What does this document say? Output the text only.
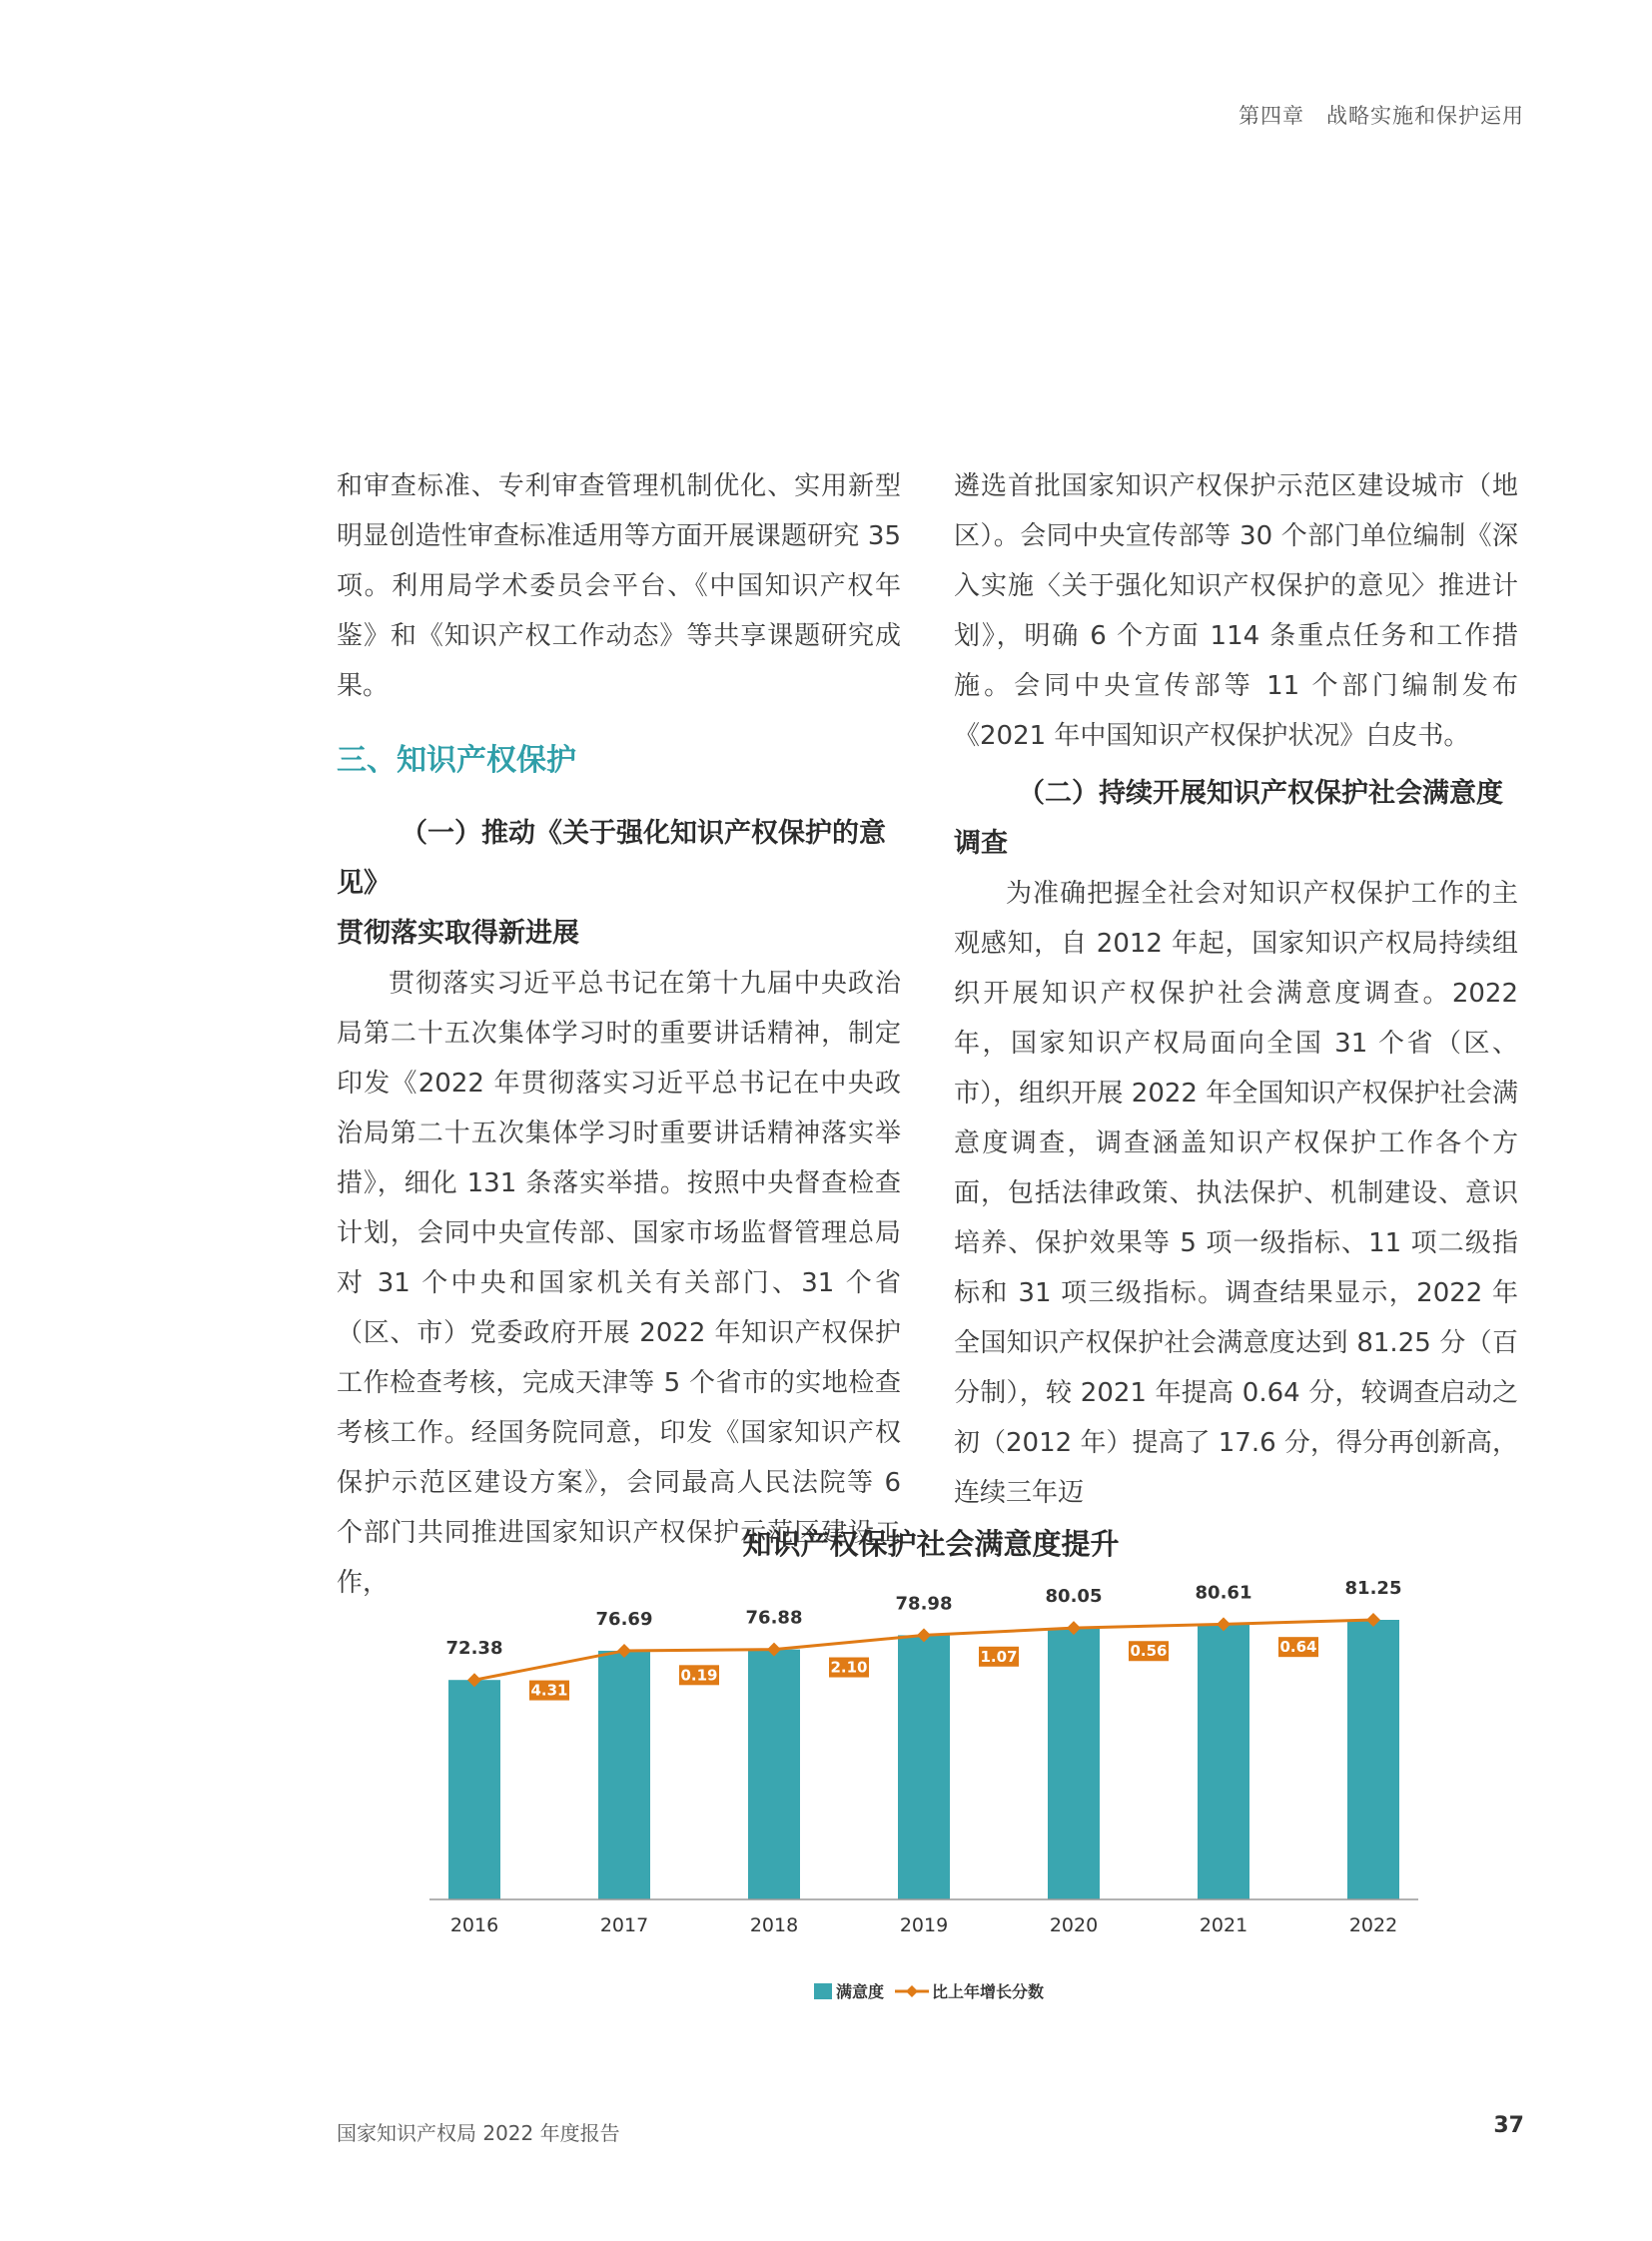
第四章　战略实施和保护运用

和审查标准、专利审查管理机制优化、实用新型明显创造性审查标准适用等方面开展课题研究 35 项。利用局学术委员会平台、《中国知识产权年鉴》和《知识产权工作动态》等共享课题研究成果。

三、知识产权保护

（一）推动《关于强化知识产权保护的意见》

贯彻落实取得新进展

贯彻落实习近平总书记在第十九届中央政治局第二十五次集体学习时的重要讲话精神，制定印发《2022 年贯彻落实习近平总书记在中央政治局第二十五次集体学习时重要讲话精神落实举措》，细化 131 条落实举措。按照中央督查检查计划，会同中央宣传部、国家市场监督管理总局对 31 个中央和国家机关有关部门、31 个省（区、市）党委政府开展 2022 年知识产权保护工作检查考核，完成天津等 5 个省市的实地检查考核工作。经国务院同意，印发《国家知识产权保护示范区建设方案》，会同最高人民法院等 6 个部门共同推进国家知识产权保护示范区建设工作，

遴选首批国家知识产权保护示范区建设城市（地区）。会同中央宣传部等 30 个部门单位编制《深入实施〈关于强化知识产权保护的意见〉推进计划》，明确 6 个方面 114 条重点任务和工作措施。会同中央宣传部等 11 个部门编制发布《2021 年中国知识产权保护状况》白皮书。

（二）持续开展知识产权保护社会满意度

调查

为准确把握全社会对知识产权保护工作的主观感知，自 2012 年起，国家知识产权局持续组织开展知识产权保护社会满意度调查。2022 年，国家知识产权局面向全国 31 个省（区、市），组织开展 2022 年全国知识产权保护社会满意度调查，调查涵盖知识产权保护工作各个方面，包括法律政策、执法保护、机制建设、意识培养、保护效果等 5 项一级指标、11 项二级指标和 31 项三级指标。调查结果显示，2022 年全国知识产权保护社会满意度达到 81.25 分（百分制），较 2021 年提高 0.64 分，较调查启动之初（2012 年）提高了 17.6 分，得分再创新高，连续三年迈

知识产权保护社会满意度提升
72.38
76.69	76.88
78.98	80.05	80.61	81.25
4.31
0.19	2.10
1.07	0.56	0.64
2016	2017	2018	2019	2020	2021	2022
满意度	比上年增长分数
国家知识产权局 2022 年度报告	37
